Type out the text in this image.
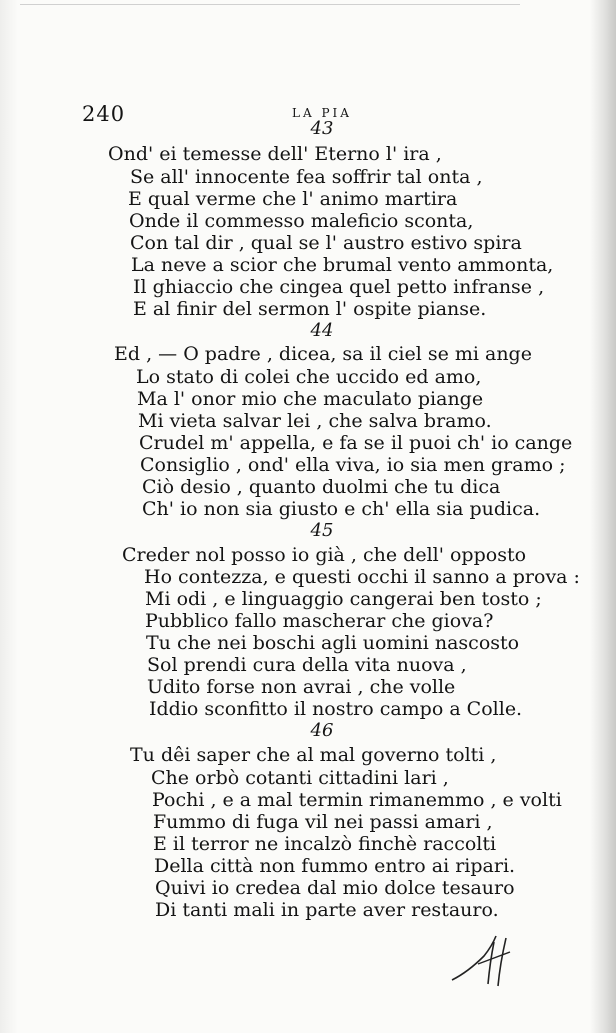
240	LA PIA
43
Ond' ei temesse dell' Eterno l' ira ,
Se all' innocente fea soffrir tal onta ,
E qual verme che l' animo martira
Onde il commesso maleficio sconta,
Con tal dir , qual se l' austro estivo spira
La neve a scior che brumal vento ammonta,
Il ghiaccio che cingea quel petto infranse ,
E al finir del sermon l' ospite pianse.
44
Ed , — O padre , dicea, sa il ciel se mi ange
Lo stato di colei che uccido ed amo,
Ma l' onor mio che maculato piange
Mi vieta salvar lei , che salva bramo.
Crudel m' appella, e fa se il puoi ch' io cange
Consiglio , ond' ella viva, io sia men gramo ;
Ciò desio , quanto duolmi che tu dica
Ch' io non sia giusto e ch' ella sia pudica.
45
Creder nol posso io già , che dell' opposto
Ho contezza, e questi occhi il sanno a prova :
Mi odi , e linguaggio cangerai ben tosto ;
Pubblico fallo mascherar che giova?
Tu che nei boschi agli uomini nascosto
Sol prendi cura della vita nuova ,
Udito forse non avrai , che volle
Iddio sconfitto il nostro campo a Colle.
46
Tu dêi saper che al mal governo tolti ,
Che orbò cotanti cittadini lari ,
Pochi , e a mal termin rimanemmo , e volti
Fummo di fuga vil nei passi amari ,
E il terror ne incalzò finchè raccolti
Della città non fummo entro ai ripari.
Quivi io credea dal mio dolce tesauro
Di tanti mali in parte aver restauro.
